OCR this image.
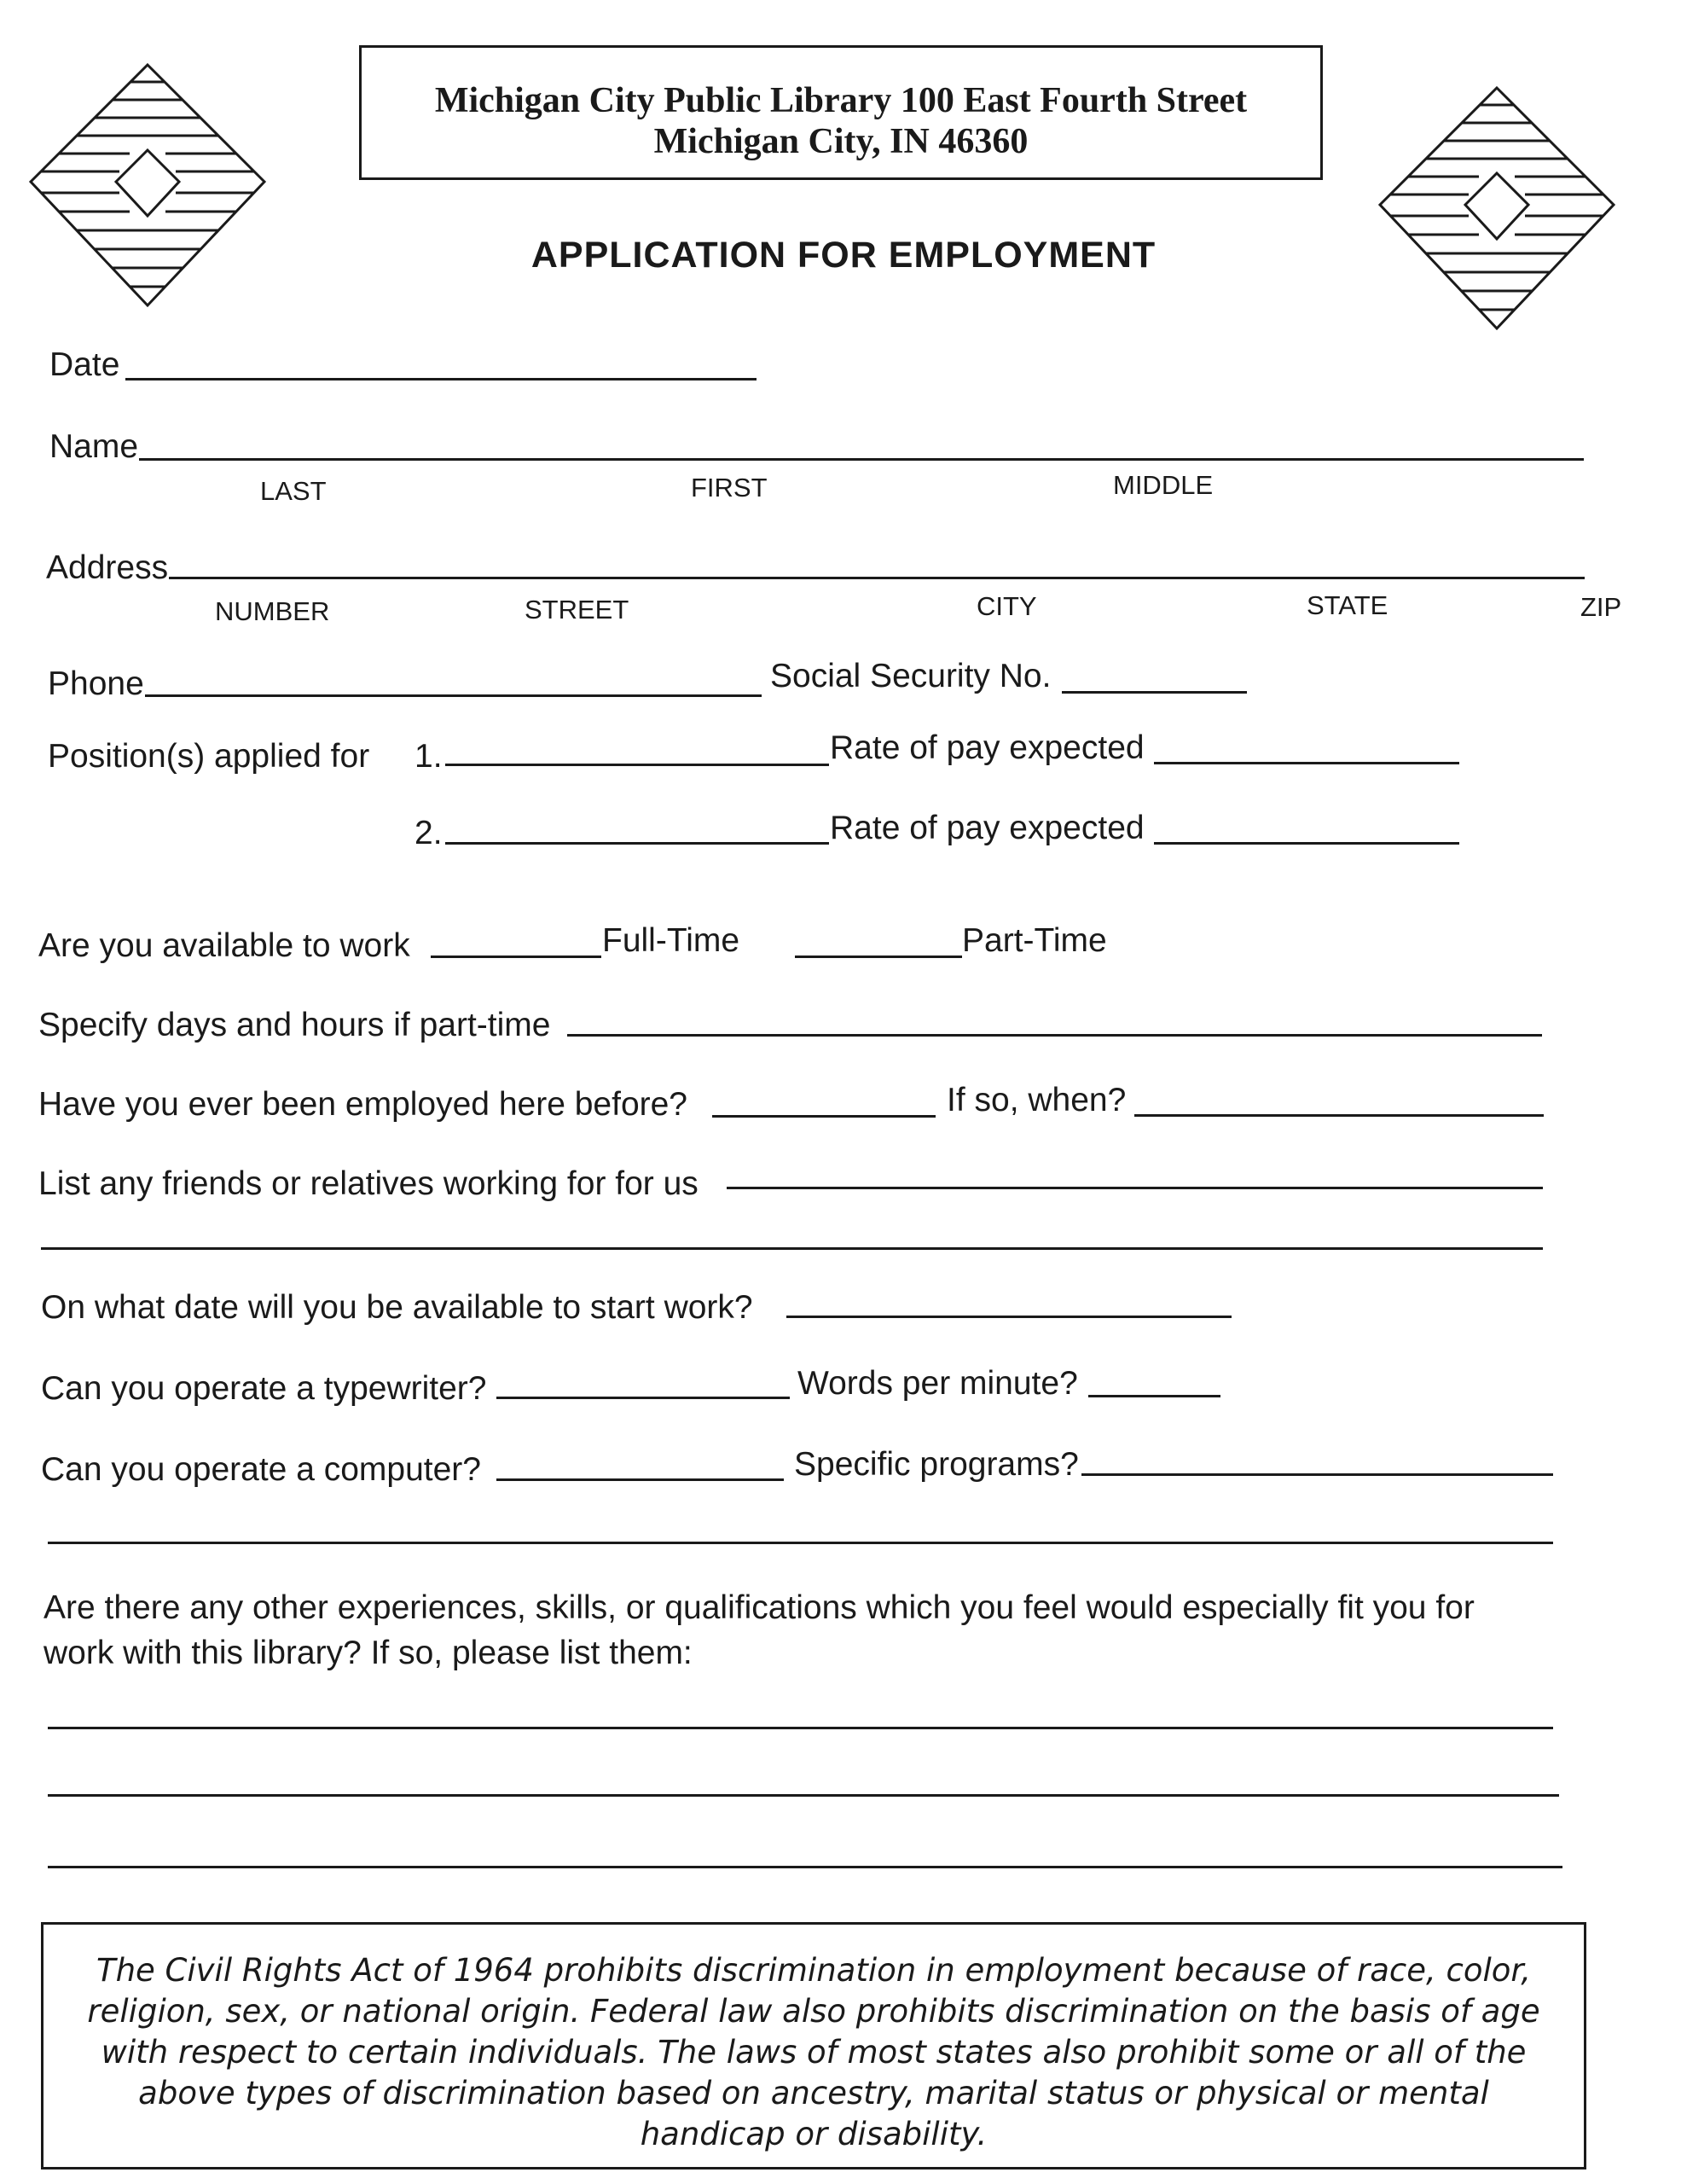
Michigan City Public Library 100 East Fourth Street
Michigan City, IN 46360
APPLICATION FOR EMPLOYMENT
Date
Name
LAST	FIRST	MIDDLE
Address
NUMBER	STREET	CITY	STATE	ZIP
Phone	Social Security No.
Position(s) applied for 1.	Rate of pay expected
2.	Rate of pay expected
Are you available to work	Full-Time	Part-Time
Specify days and hours if part-time
Have you ever been employed here before?	If so, when?
List any friends or relatives working for for us
On what date will you be available to start work?
Can you operate a typewriter?	Words per minute?
Can you operate a computer?	Specific programs?
Are there any other experiences, skills, or qualifications which you feel would especially fit you for
work with this library? If so, please list them:
The Civil Rights Act of 1964 prohibits discrimination in employment because of race, color, religion, sex, or national origin. Federal law also prohibits discrimination on the basis of age with respect to certain individuals. The laws of most states also prohibit some or all of the above types of discrimination based on ancestry, marital status or physical or mental handicap or disability.
